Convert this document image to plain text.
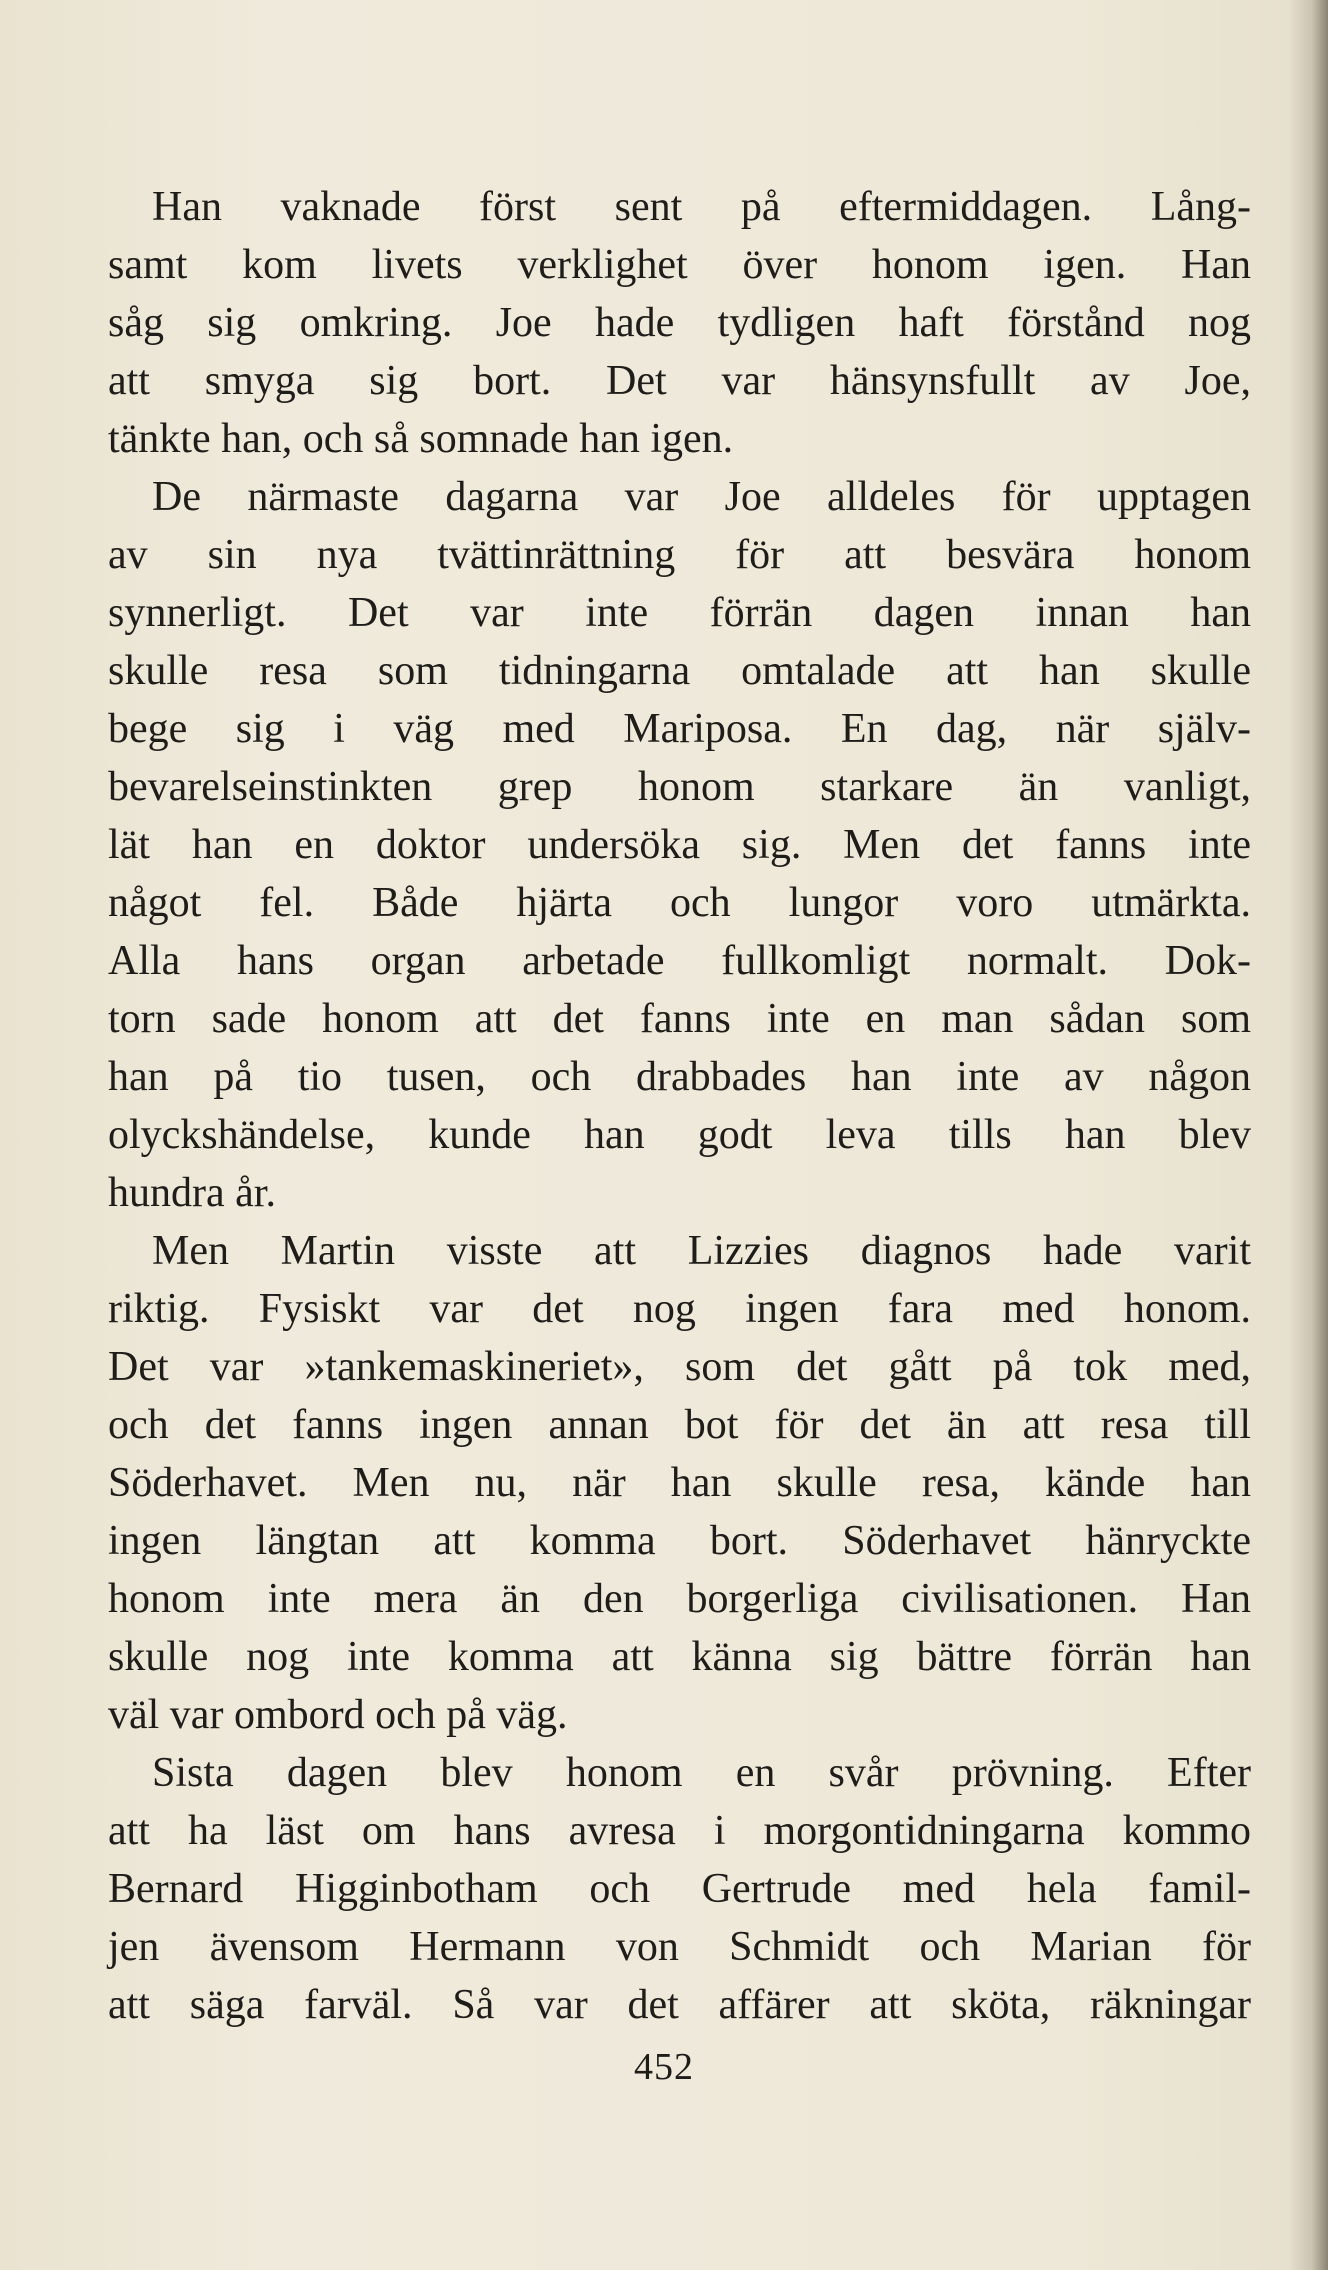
Han vaknade först sent på eftermiddagen. Lång-
samt kom livets verklighet över honom igen. Han
såg sig omkring. Joe hade tydligen haft förstånd nog
att smyga sig bort. Det var hänsynsfullt av Joe,
tänkte han, och så somnade han igen.
De närmaste dagarna var Joe alldeles för upptagen
av sin nya tvättinrättning för att besvära honom
synnerligt. Det var inte förrän dagen innan han
skulle resa som tidningarna omtalade att han skulle
bege sig i väg med Mariposa. En dag, när själv-
bevarelseinstinkten grep honom starkare än vanligt,
lät han en doktor undersöka sig. Men det fanns inte
något fel. Både hjärta och lungor voro utmärkta.
Alla hans organ arbetade fullkomligt normalt. Dok-
torn sade honom att det fanns inte en man sådan som
han på tio tusen, och drabbades han inte av någon
olyckshändelse, kunde han godt leva tills han blev
hundra år.
Men Martin visste att Lizzies diagnos hade varit
riktig. Fysiskt var det nog ingen fara med honom.
Det var »tankemaskineriet», som det gått på tok med,
och det fanns ingen annan bot för det än att resa till
Söderhavet. Men nu, när han skulle resa, kände han
ingen längtan att komma bort. Söderhavet hänryckte
honom inte mera än den borgerliga civilisationen. Han
skulle nog inte komma att känna sig bättre förrän han
väl var ombord och på väg.
Sista dagen blev honom en svår prövning. Efter
att ha läst om hans avresa i morgontidningarna kommo
Bernard Higginbotham och Gertrude med hela famil-
jen ävensom Hermann von Schmidt och Marian för
att säga farväl. Så var det affärer att sköta, räkningar
452
